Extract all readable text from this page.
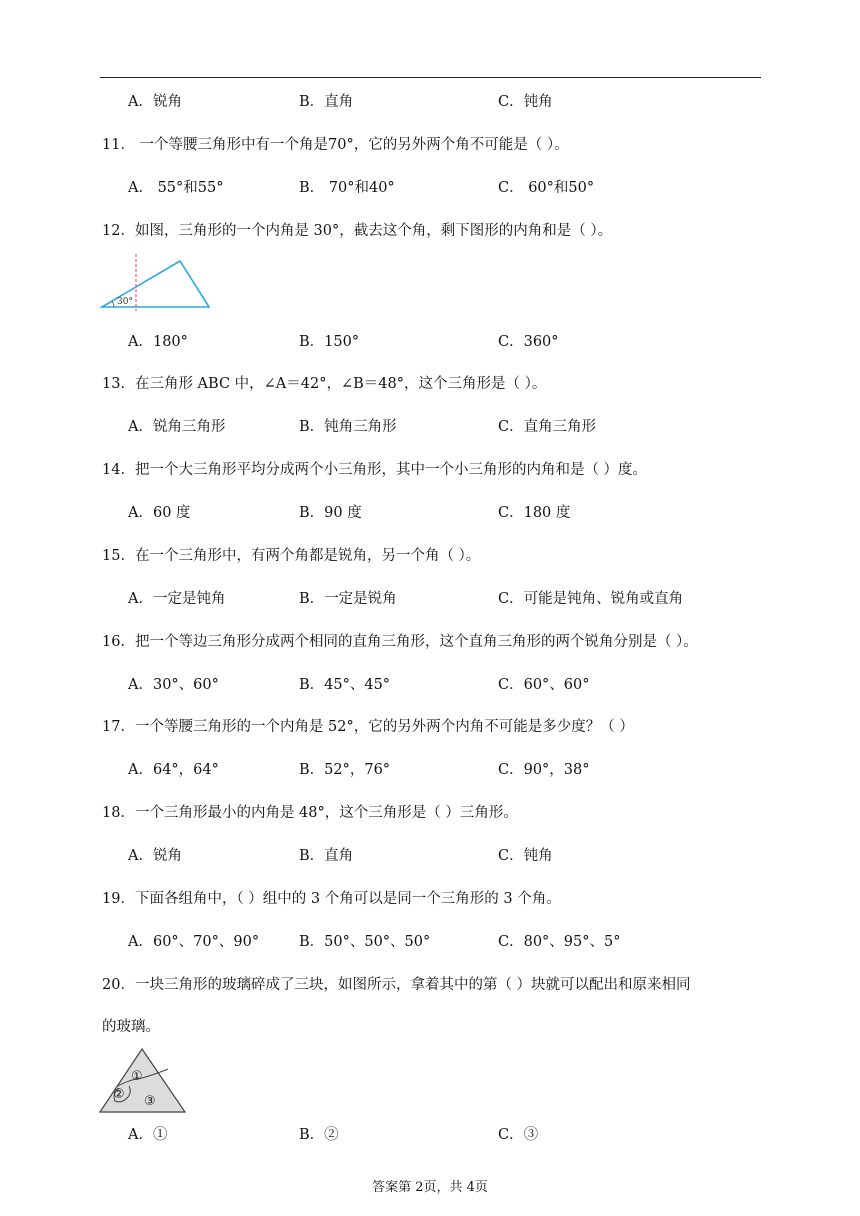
A．锐角	B．直角	C．钝角
11． 一个等腰三角形中有一个角是70°，它的另外两个角不可能是（ ）。
A． 55°和55°	B． 70°和40°	C． 60°和50°
12．如图，三角形的一个内角是 30°，截去这个角，剩下图形的内角和是（ ）。
30°
A．180°	B．150°	C．360°
13．在三角形 ABC 中，∠A＝42°，∠B＝48°，这个三角形是（ ）。
A．锐角三角形	B．钝角三角形	C．直角三角形
14．把一个大三角形平均分成两个小三角形，其中一个小三角形的内角和是（ ）度。
A．60 度	B．90 度	C．180 度
15．在一个三角形中，有两个角都是锐角，另一个角（ ）。
A．一定是钝角	B．一定是锐角	C．可能是钝角、锐角或直角
16．把一个等边三角形分成两个相同的直角三角形，这个直角三角形的两个锐角分别是（ ）。
A．30°、60°	B．45°、45°	C．60°、60°
17．一个等腰三角形的一个内角是 52°，它的另外两个内角不可能是多少度？（ ）
A．64°，64°	B．52°，76°	C．90°，38°
18．一个三角形最小的内角是 48°，这个三角形是（ ）三角形。
A．锐角	B．直角	C．钝角
19．下面各组角中，（ ）组中的 3 个角可以是同一个三角形的 3 个角。
A．60°、70°、90°	B．50°、50°、50°	C．80°、95°、5°
20．一块三角形的玻璃碎成了三块，如图所示，拿着其中的第（ ）块就可以配出和原来相同
的玻璃。
①
② ③
A．①	B．②	C．③
答案第 2页，共 4页
